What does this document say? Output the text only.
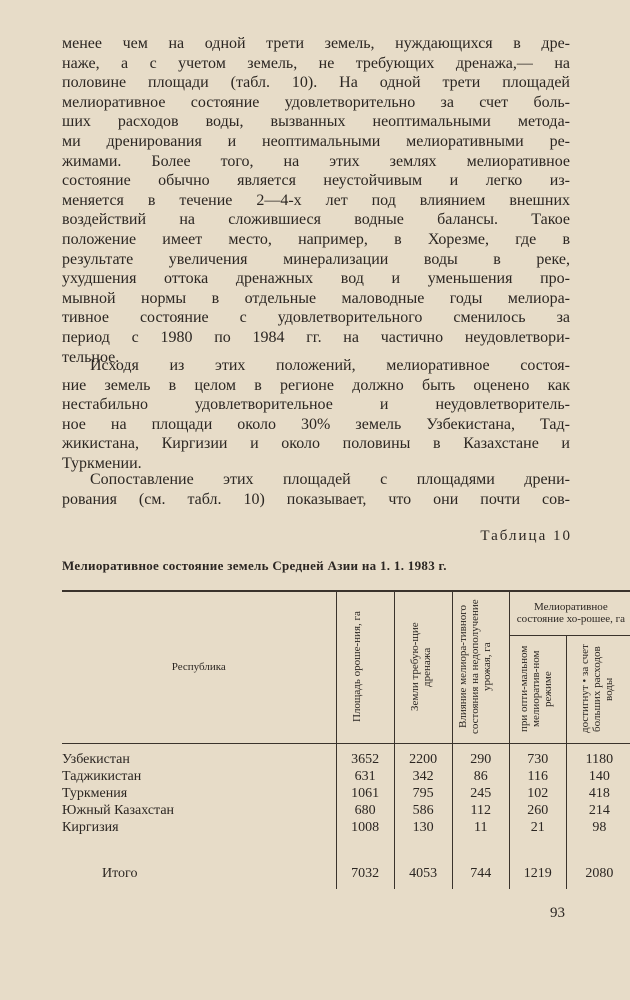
менее чем на одной трети земель, нуждающихся в дре-
наже, а с учетом земель, не требующих дренажа,— на
половине площади (табл. 10). На одной трети площадей
мелиоративное состояние удовлетворительно за счет боль-
ших расходов воды, вызванных неоптимальными методa-
ми дренирования и неоптимальными мелиоративными ре-
жимами. Более того, на этих землях мелиоративное
состояние обычно является неустойчивым и легко из-
меняется в течение 2—4-х лет под влиянием внешних
воздействий на сложившиеся водные балансы. Такое
положение имеет место, например, в Хорезме, где в
результате увеличения минерализации воды в реке,
ухудшения оттока дренажных вод и уменьшения про-
мывной нормы в отдельные маловодные годы мелиора-
тивное состояние с удовлетворительного сменилось за
период с 1980 по 1984 гг. на частично неудовлетвори-
тельное.

Исходя из этих положений, мелиоративное состоя-
ние земель в целом в регионе должно быть оценено как
нестабильно удовлетворительное и неудовлетворитель-
ное на площади около 30% земель Узбекистана, Тад-
жикистана, Киргизии и около половины в Казахстане и
Туркмении.

Сопоставление этих площадей с площадями дрени-
рования (см. табл. 10) показывает, что они почти сов-

Таблица 10
Мелиоративное состояние земель Средней Азии на 1. 1. 1983 г.
Республика	Площадь ороше-ния, га	Земли требую-щие дренажа	Влияние мелиора-тивного состояния на недополучение урожая, га	Мелиоративное состояние хо-рошее, га	

				при опти-мальном мелиоратив-ном режиме	достигнут • за счет больших расходов воды

Узбекистан	3652	2200	290	730	1180
Таджикистан	631	342	86	116	140
Туркмения	1061	795	245	102	418
Южный Казахстан	680	586	112	260	214
Киргизия	1008	130	11	21	98
Итого	7032	4053	744	1219	2080
93
